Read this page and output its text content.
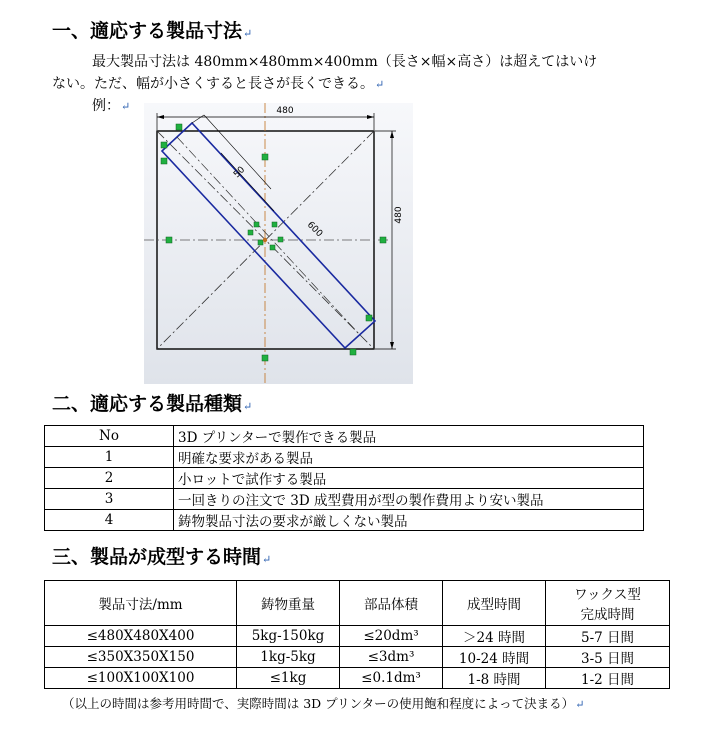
一、適応する製品寸法↵
最大製品寸法は 480mm×480mm×400mm（長さ×幅×高さ）は超えてはいけ
ない。ただ、幅が小さくすると長さが長くできる。↵
例：↵	480
480
50
600
二、適応する製品種類↵
No	3D プリンターで製作できる製品
1	明確な要求がある製品
2	小ロットで試作する製品
3	一回きりの注文で 3D 成型費用が型の製作費用より安い製品
4	鋳物製品寸法の要求が厳しくない製品
三、製品が成型する時間↵
製品寸法/mm	鋳物重量	部品体積	成型時間	ワックス型
完成時間

≤480X480X400	5kg-150kg	≤20dm³	＞24 時間	5-7 日間
≤350X350X150	1kg-5kg	≤3dm³	10-24 時間	3-5 日間
≤100X100X100	≤1kg	≤0.1dm³	1-8 時間	1-2 日間
（以上の時間は参考用時間で、実際時間は 3D プリンターの使用飽和程度によって決まる）↵
